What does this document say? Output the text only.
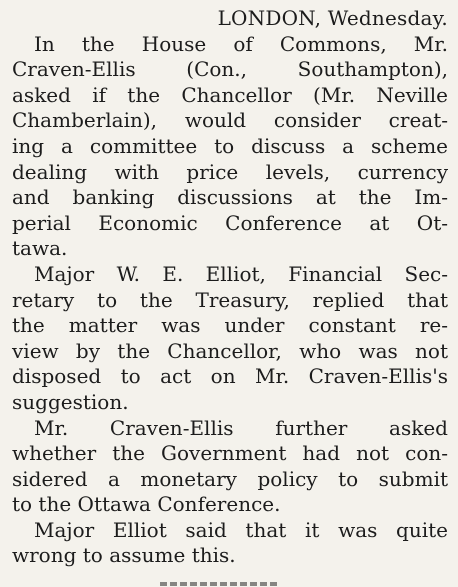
LONDON, Wednesday.
In the House of Commons, Mr.
Craven-Ellis (Con., Southampton),
asked if the Chancellor (Mr. Neville
Chamberlain), would consider creat-
ing a committee to discuss a scheme
dealing with price levels, currency
and banking discussions at the Im-
perial Economic Conference at Ot-
tawa.
Major W. E. Elliot, Financial Sec-
retary to the Treasury, replied that
the matter was under constant re-
view by the Chancellor, who was not
disposed to act on Mr. Craven-Ellis's
suggestion.
Mr. Craven-Ellis further asked
whether the Government had not con-
sidered a monetary policy to submit
to the Ottawa Conference.
Major Elliot said that it was quite
wrong to assume this.
